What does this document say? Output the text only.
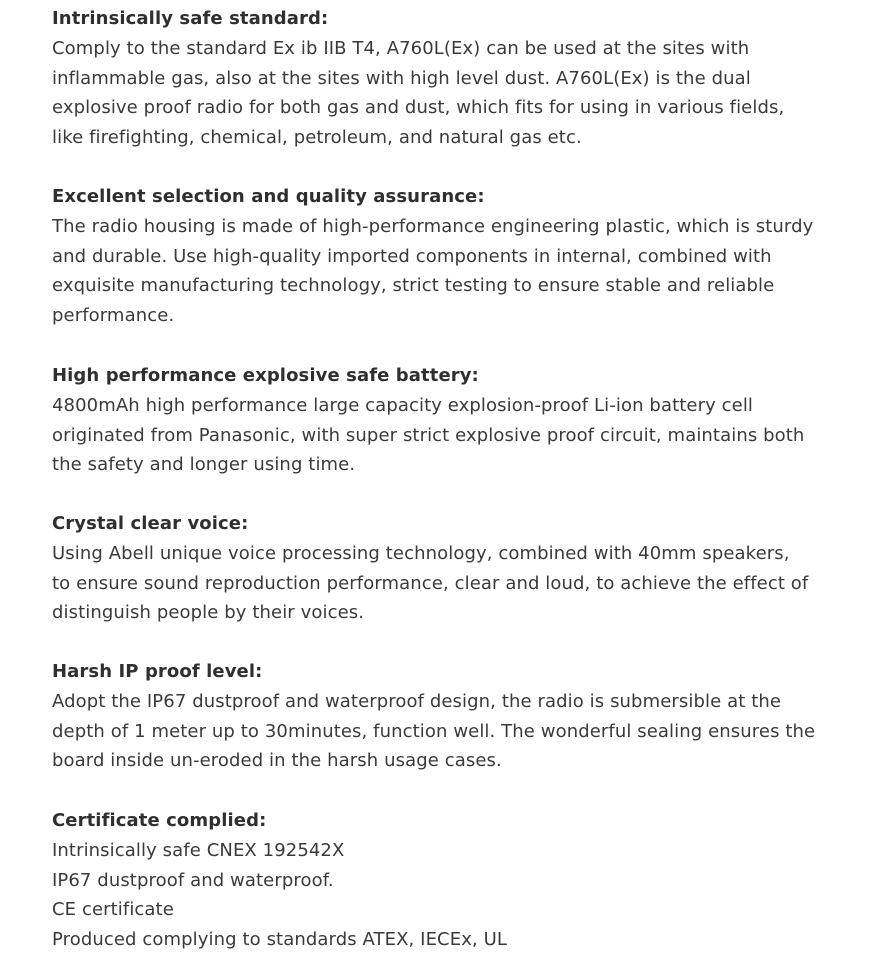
Intrinsically safe standard:

Comply to the standard Ex ib IIB T4, A760L(Ex) can be used at the sites with
inflammable gas, also at the sites with high level dust. A760L(Ex) is the dual
explosive proof radio for both gas and dust, which fits for using in various fields,
like firefighting, chemical, petroleum, and natural gas etc.

Excellent selection and quality assurance:

The radio housing is made of high-performance engineering plastic, which is sturdy
and durable. Use high-quality imported components in internal, combined with
exquisite manufacturing technology, strict testing to ensure stable and reliable
performance.

High performance explosive safe battery:

4800mAh high performance large capacity explosion-proof Li-ion battery cell
originated from Panasonic, with super strict explosive proof circuit, maintains both
the safety and longer using time.

Crystal clear voice:

Using Abell unique voice processing technology, combined with 40mm speakers,
to ensure sound reproduction performance, clear and loud, to achieve the effect of
distinguish people by their voices.

Harsh IP proof level:

Adopt the IP67 dustproof and waterproof design, the radio is submersible at the
depth of 1 meter up to 30minutes, function well. The wonderful sealing ensures the
board inside un-eroded in the harsh usage cases.

Certificate complied:

Intrinsically safe CNEX 192542X
IP67 dustproof and waterproof.
CE certificate
Produced complying to standards ATEX, IECEx, UL
